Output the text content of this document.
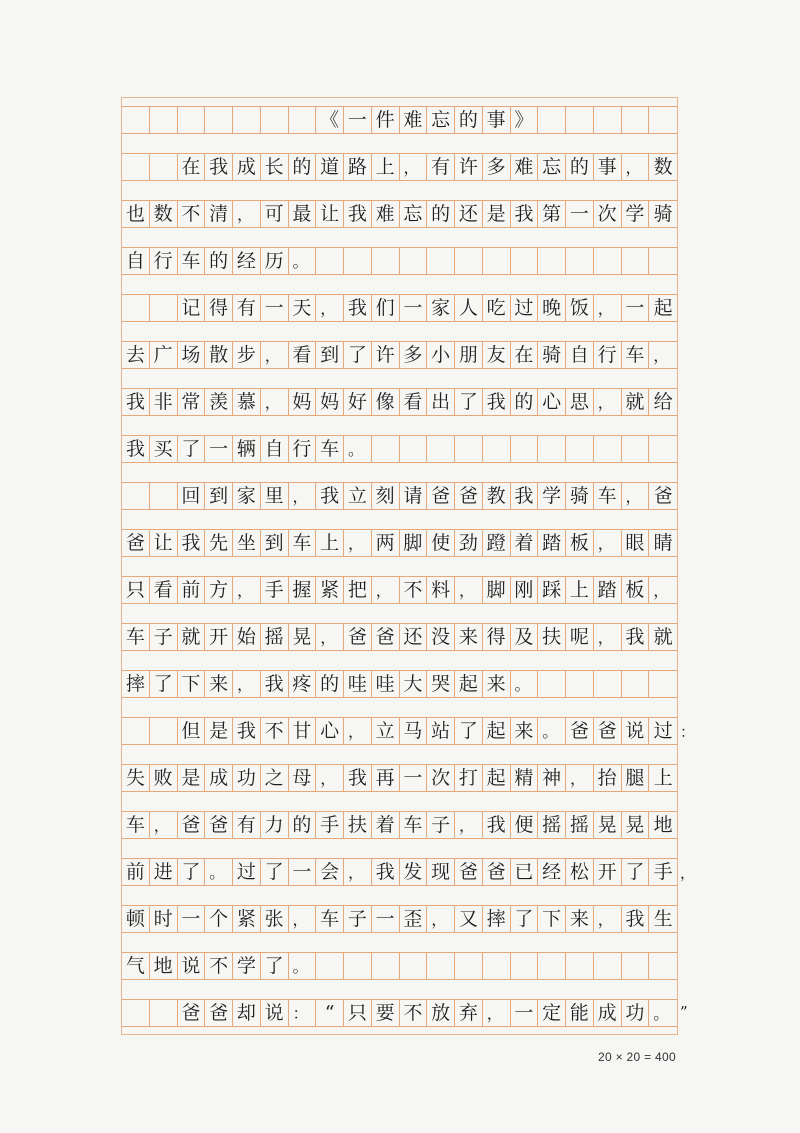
《 一 件 难 忘 的 事 》
在 我 成 长 的 道 路 上 ， 有 许 多 难 忘 的 事 ， 数
也 数 不 清 ， 可 最 让 我 难 忘 的 还 是 我 第 一 次 学 骑
自 行 车 的 经 历 。
记 得 有 一 天 ， 我 们 一 家 人 吃 过 晚 饭 ， 一 起
去 广 场 散 步 ， 看 到 了 许 多 小 朋 友 在 骑 自 行 车 ，
我 非 常 羡 慕 ， 妈 妈 好 像 看 出 了 我 的 心 思 ， 就 给
我 买 了 一 辆 自 行 车 。
回 到 家 里 ， 我 立 刻 请 爸 爸 教 我 学 骑 车 ， 爸
爸 让 我 先 坐 到 车 上 ， 两 脚 使 劲 蹬 着 踏 板 ， 眼 睛
只 看 前 方 ， 手 握 紧 把 ， 不 料 ， 脚 刚 踩 上 踏 板 ，
车 子 就 开 始 摇 晃 ， 爸 爸 还 没 来 得 及 扶 呢 ， 我 就
摔 了 下 来 ， 我 疼 的 哇 哇 大 哭 起 来 。
但 是 我 不 甘 心 ， 立 马 站 了 起 来 。 爸 爸 说 过 ：
失 败 是 成 功 之 母 ， 我 再 一 次 打 起 精 神 ， 抬 腿 上
车 ， 爸 爸 有 力 的 手 扶 着 车 子 ， 我 便 摇 摇 晃 晃 地
前 进 了 。 过 了 一 会 ， 我 发 现 爸 爸 已 经 松 开 了 手 ，
顿 时 一 个 紧 张 ， 车 子 一 歪 ， 又 摔 了 下 来 ， 我 生
气 地 说 不 学 了 。
爸 爸 却 说 ： “ 只 要 不 放 弃 ， 一 定 能 成 功 。 ”
20 × 20 = 400
